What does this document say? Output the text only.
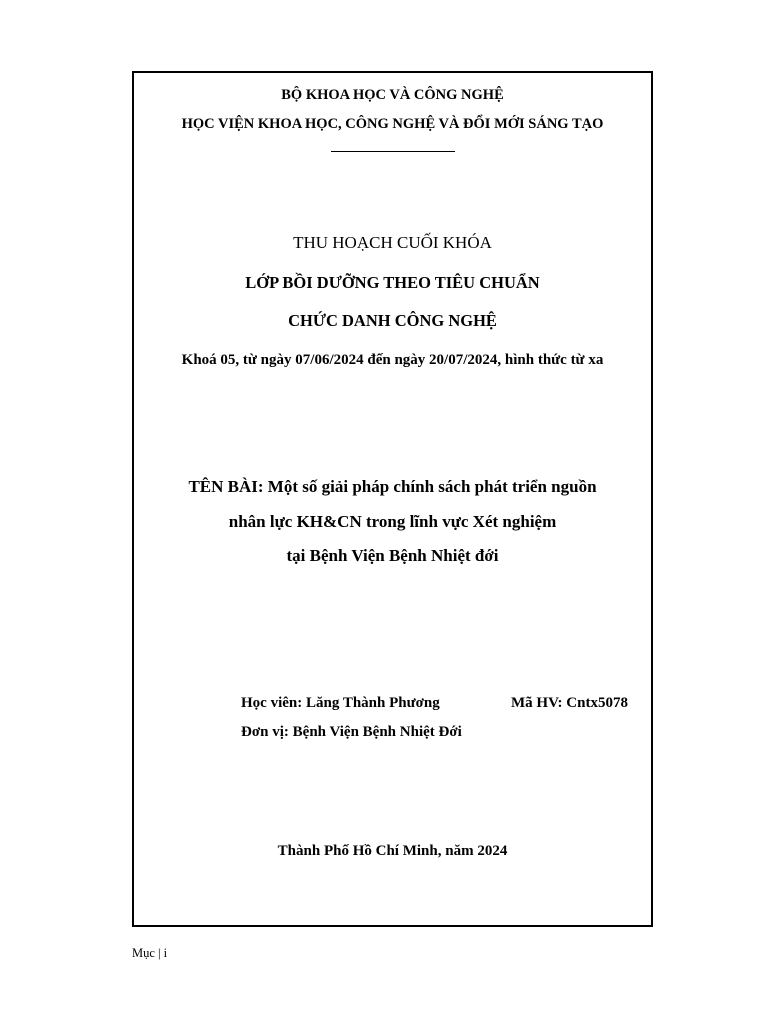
BỘ KHOA HỌC VÀ CÔNG NGHỆ
HỌC VIỆN KHOA HỌC, CÔNG NGHỆ VÀ ĐỔI MỚI SÁNG TẠO
THU HOẠCH CUỐI KHÓA
LỚP BỒI DƯỠNG THEO TIÊU CHUẨN
CHỨC DANH CÔNG NGHỆ
Khoá 05, từ ngày 07/06/2024 đến ngày 20/07/2024, hình thức từ xa
TÊN BÀI: Một số giải pháp chính sách phát triển nguồn
nhân lực KH&CN trong lĩnh vực Xét nghiệm
tại Bệnh Viện Bệnh Nhiệt đới
Học viên: Lăng Thành Phương	Mã HV: Cntx5078
Đơn vị: Bệnh Viện Bệnh Nhiệt Đới
Thành Phố Hồ Chí Minh, năm 2024
Mục | i
